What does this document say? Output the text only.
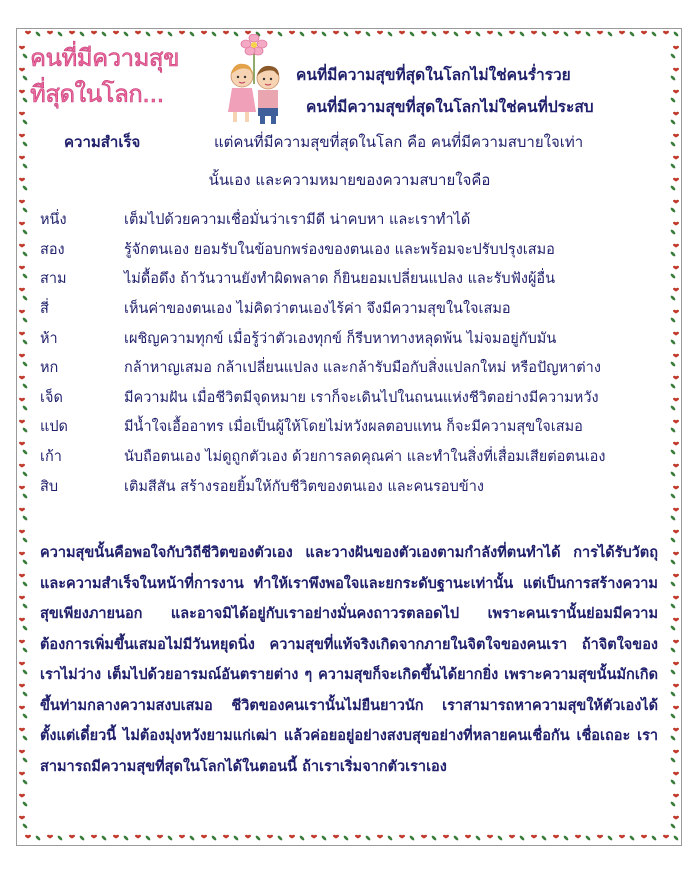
คนที่มีความสุข
ที่สุดในโลก...
คนที่มีความสุขที่สุดในโลกไม่ใช่คนร่ำรวย
คนที่มีความสุขที่สุดในโลกไม่ใช่คนที่ประสบ
ความสำเร็จ	แต่คนที่มีความสุขที่สุดในโลก คือ คนที่มีความสบายใจเท่า
นั้นเอง และความหมายของความสบายใจคือ
หนึ่ง	เต็มไปด้วยความเชื่อมั่นว่าเรามีดี น่าคบหา และเราทำได้
สอง	รู้จักตนเอง ยอมรับในข้อบกพร่องของตนเอง และพร้อมจะปรับปรุงเสมอ
สาม	ไม่ดื้อดึง ถ้าวันวานยังทำผิดพลาด ก็ยินยอมเปลี่ยนแปลง และรับฟังผู้อื่น
สี่	เห็นค่าของตนเอง ไม่คิดว่าตนเองไร้ค่า จึงมีความสุขในใจเสมอ
ห้า	เผชิญความทุกข์ เมื่อรู้ว่าตัวเองทุกข์ ก็รีบหาทางหลุดพ้น ไม่จมอยู่กับมัน
หก	กล้าหาญเสมอ กล้าเปลี่ยนแปลง และกล้ารับมือกับสิ่งแปลกใหม่ หรือปัญหาต่าง
เจ็ด	มีความฝัน เมื่อชีวิตมีจุดหมาย เราก็จะเดินไปในถนนแห่งชีวิตอย่างมีความหวัง
แปด	มีน้ำใจเอื้ออาทร เมื่อเป็นผู้ให้โดยไม่หวังผลตอบแทน ก็จะมีความสุขใจเสมอ
เก้า	นับถือตนเอง ไม่ดูถูกตัวเอง ด้วยการลดคุณค่า และทำในสิ่งที่เสื่อมเสียต่อตนเอง
สิบ	เติมสีสัน สร้างรอยยิ้มให้กับชีวิตของตนเอง และคนรอบข้าง
ความสุขนั้นคือพอใจกับวิถีชีวิตของตัวเอง และวางฝันของตัวเองตามกำลังที่ตนทำได้ การได้รับวัตถุ และความสำเร็จในหน้าที่การงาน ทำให้เราพึงพอใจและยกระดับฐานะเท่านั้น แต่เป็นการสร้างความสุขเพียงภายนอก และอาจมิได้อยู่กับเราอย่างมั่นคงถาวรตลอดไป เพราะคนเรานั้นย่อมมีความต้องการเพิ่มขึ้นเสมอไม่มีวันหยุดนิ่ง ความสุขที่แท้จริงเกิดจากภายในจิตใจของคนเรา ถ้าจิตใจของเราไม่ว่าง เต็มไปด้วยอารมณ์อันตรายต่าง ๆ ความสุขก็จะเกิดขึ้นได้ยากยิ่ง เพราะความสุขนั้นมักเกิดขึ้นท่ามกลางความสงบเสมอ ชีวิตของคนเรานั้นไม่ยืนยาวนัก เราสามารถหาความสุขให้ตัวเองได้ตั้งแต่เดี๋ยวนี้ ไม่ต้องมุ่งหวังยามแก่เฒ่า แล้วค่อยอยู่อย่างสงบสุขอย่างที่หลายคนเชื่อกัน เชื่อเถอะ เราสามารถมีความสุขที่สุดในโลกได้ในตอนนี้ ถ้าเราเริ่มจากตัวเราเอง
